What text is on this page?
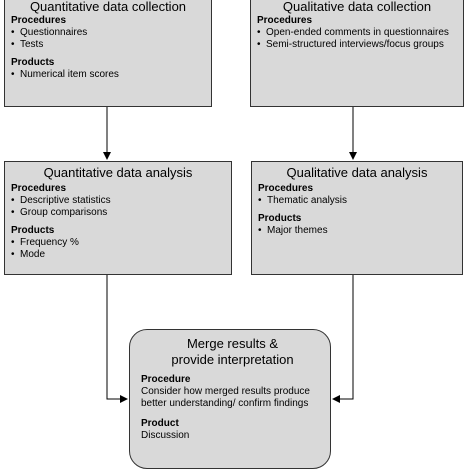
Quantitative data collection

Procedures

• Questionnaires
• Tests

Products

• Numerical item scores

Qualitative data collection

Procedures

• Open-ended comments in questionnaires
• Semi-structured interviews/focus groups

Quantitative data analysis

Procedures

• Descriptive statistics
• Group comparisons

Products

• Frequency %
• Mode

Qualitative data analysis

Procedures

• Thematic analysis

Products

• Major themes

Merge results &

provide interpretation

Procedure

Consider how merged results produce better understanding/ confirm findings

Product

Discussion
